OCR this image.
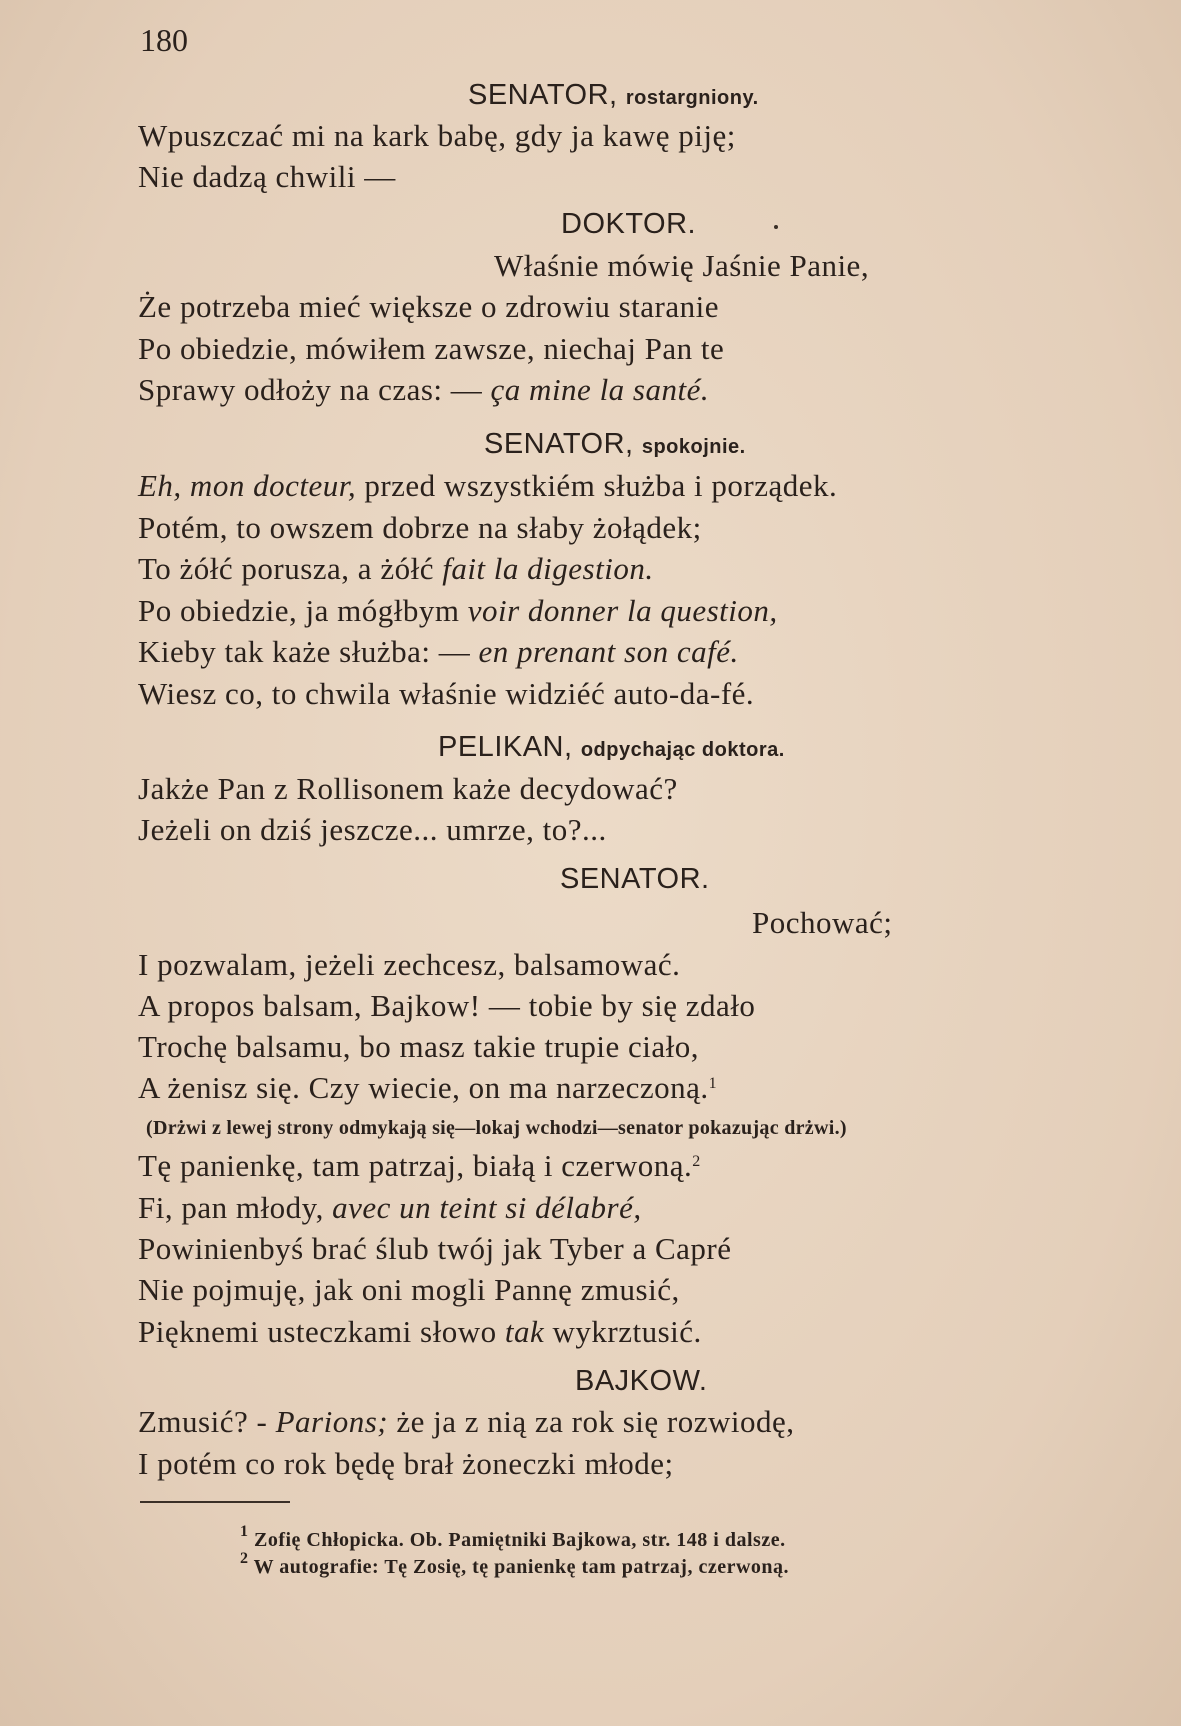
180
SENATOR, rostargniony.
Wpuszczać mi na kark babę, gdy ja kawę piję;
Nie dadzą chwili —
DOKTOR.
Właśnie mówię Jaśnie Panie,
Że potrzeba mieć większe o zdrowiu staranie
Po obiedzie, mówiłem zawsze, niechaj Pan te
Sprawy odłoży na czas: — ça mine la santé.
SENATOR, spokojnie.
Eh, mon docteur, przed wszystkiém służba i porządek.
Potém, to owszem dobrze na słaby żołądek;
To żółć porusza, a żółć fait la digestion.
Po obiedzie, ja mógłbym voir donner la question,
Kieby tak każe służba: — en prenant son café.
Wiesz co, to chwila właśnie widziéć auto-da-fé.
PELIKAN, odpychając doktora.
Jakże Pan z Rollisonem każe decydować?
Jeżeli on dziś jeszcze... umrze, to?...
SENATOR.
Pochować;
I pozwalam, jeżeli zechcesz, balsamować.
A propos balsam, Bajkow! — tobie by się zdało
Trochę balsamu, bo masz takie trupie ciało,
A żenisz się. Czy wiecie, on ma narzeczoną.$^1$
(Drżwi z lewej strony odmykają się—lokaj wchodzi—senator pokazując drżwi.)
Tę panienkę, tam patrzaj, białą i czerwoną.$^2$
Fi, pan młody, avec un teint si délabré,
Powinienbyś brać ślub twój jak Tyber a Capré
Nie pojmuję, jak oni mogli Pannę zmusić,
Pięknemi usteczkami słowo tak wykrztusić.
BAJKOW.
Zmusić? - Parions; że ja z nią za rok się rozwiodę,
I potém co rok będę brał żoneczki młode;
$^1$ Zofię Chłopicka. Ob. Pamiętniki Bajkowa, str. 148 i dalsze.
$^2$ W autografie: Tę Zosię, tę panienkę tam patrzaj, czerwoną.
